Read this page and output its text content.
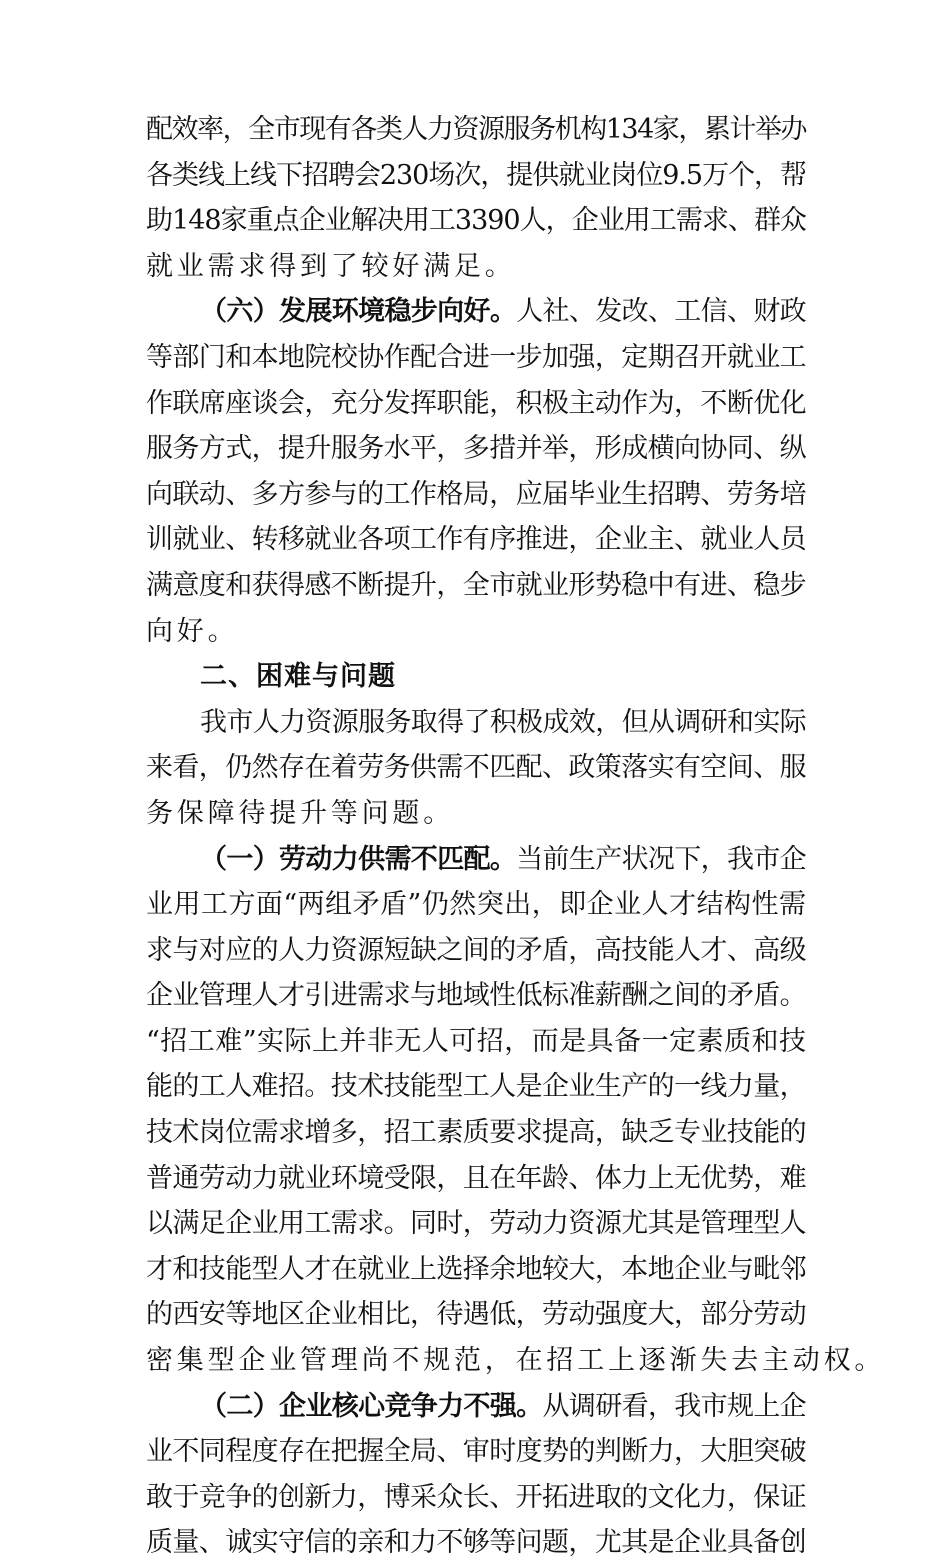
配效率，全市现有各类人力资源服务机构134家，累计举办
各类线上线下招聘会230场次，提供就业岗位9.5万个，帮
助148家重点企业解决用工3390人，企业用工需求、群众
就业需求得到了较好满足。
（六）发展环境稳步向好。人社、发改、工信、财政
等部门和本地院校协作配合进一步加强，定期召开就业工
作联席座谈会，充分发挥职能，积极主动作为，不断优化
服务方式，提升服务水平，多措并举，形成横向协同、纵
向联动、多方参与的工作格局，应届毕业生招聘、劳务培
训就业、转移就业各项工作有序推进，企业主、就业人员
满意度和获得感不断提升，全市就业形势稳中有进、稳步
向好。
二、困难与问题
我市人力资源服务取得了积极成效，但从调研和实际
来看，仍然存在着劳务供需不匹配、政策落实有空间、服
务保障待提升等问题。
（一）劳动力供需不匹配。当前生产状况下，我市企
业用工方面“两组矛盾”仍然突出，即企业人才结构性需
求与对应的人力资源短缺之间的矛盾，高技能人才、高级
企业管理人才引进需求与地域性低标准薪酬之间的矛盾。
“招工难”实际上并非无人可招，而是具备一定素质和技
能的工人难招。技术技能型工人是企业生产的一线力量，
技术岗位需求增多，招工素质要求提高，缺乏专业技能的
普通劳动力就业环境受限，且在年龄、体力上无优势，难
以满足企业用工需求。同时，劳动力资源尤其是管理型人
才和技能型人才在就业上选择余地较大，本地企业与毗邻
的西安等地区企业相比，待遇低，劳动强度大，部分劳动
密集型企业管理尚不规范，在招工上逐渐失去主动权。
（二）企业核心竞争力不强。从调研看，我市规上企
业不同程度存在把握全局、审时度势的判断力，大胆突破
敢于竞争的创新力，博采众长、开拓进取的文化力，保证
质量、诚实守信的亲和力不够等问题，尤其是企业具备创
